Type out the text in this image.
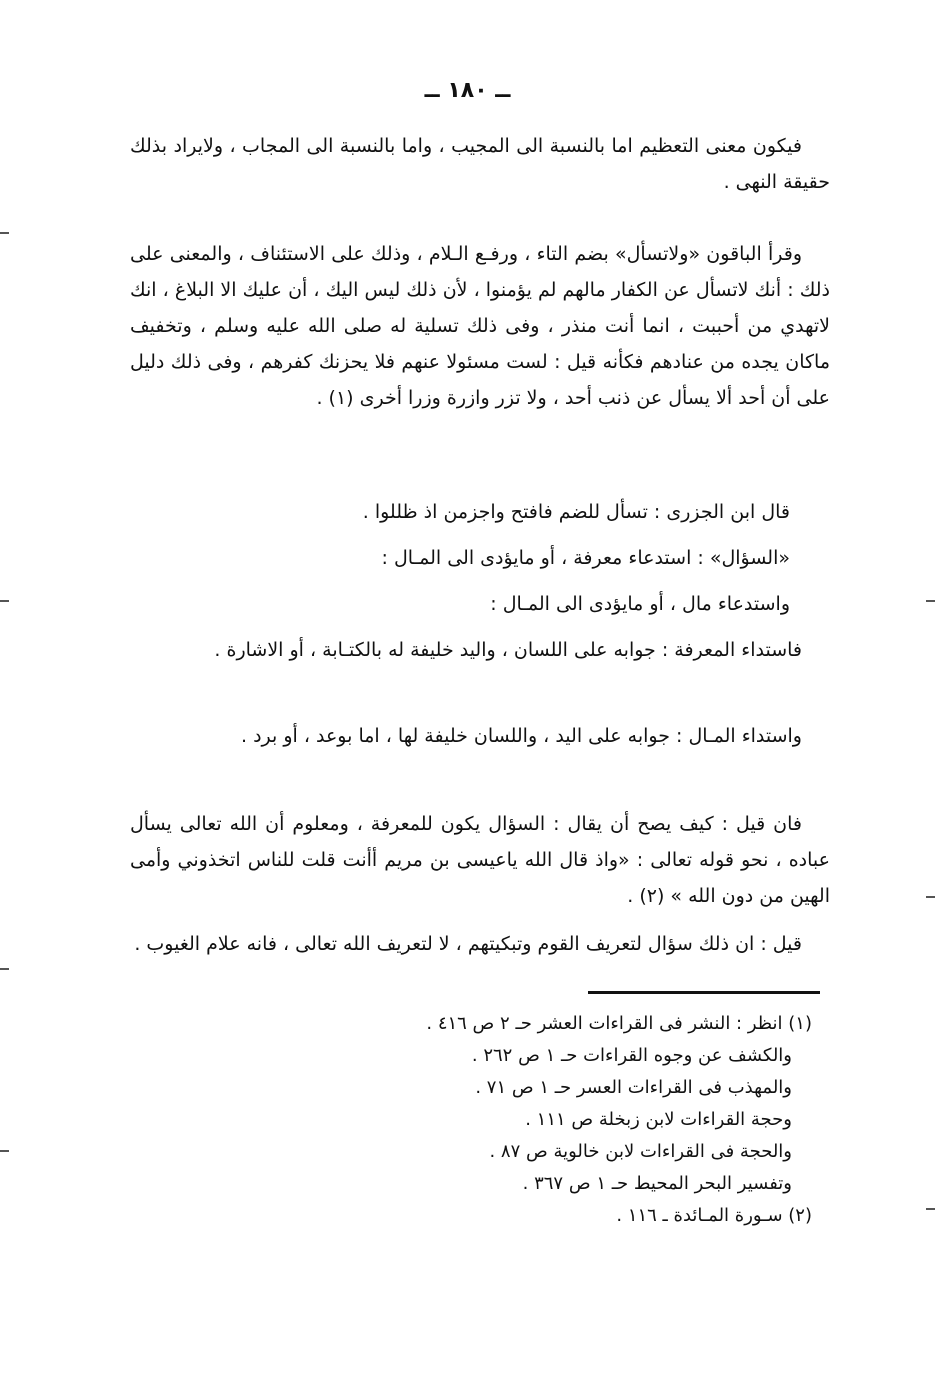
ــ ١٨٠ ــ

فيكون معنى التعظيم اما بالنسبة الى المجيب ، واما بالنسبة الى المجاب ، ولايراد بذلك حقيقة النهى .

وقرأ الباقون «ولاتسأل» بضم التاء ، ورفـع الـلام ، وذلك على الاستئناف ، والمعنى على ذلك : أنك لاتسأل عن الكفار مالهم لم يؤمنوا ، لأن ذلك ليس اليك ، أن عليك الا البلاغ ، انك لاتهدي من أحببت ، انما أنت منذر ، وفى ذلك تسلية له صلى الله عليه وسلم ، وتخفيف ماكان يجده من عنادهم فكأنه قيل : لست مسئولا عنهم فلا يحزنك كفرهم ، وفى ذلك دليل على أن أحد ألا يسأل عن ذنب أحد ، ولا تزر وازرة وزرا أخرى (١) .

قال ابن الجزرى : تسأل للضم فافتح واجزمن اذ ظللوا .

«السؤال» : استدعاء معرفة ، أو مايؤدى الى المـال :

واستدعاء مال ، أو مايؤدى الى المـال :

فاستداء المعرفة : جوابه على اللسان ، واليد خليفة له بالكتـابة ، أو الاشارة .

واستداء المـال : جوابه على اليد ، واللسان خليفة لها ، اما بوعد ، أو برد .

فان قيل : كيف يصح أن يقال : السؤال يكون للمعرفة ، ومعلوم أن الله تعالى يسأل عباده ، نحو قوله تعالى : «واذ قال الله ياعيسى بن مريم أأنت قلت للناس اتخذوني وأمى الهين من دون الله » (٢) .

قيل : ان ذلك سؤال لتعريف القوم وتبكيتهم ، لا لتعريف الله تعالى ، فانه علام الغيوب .

(١) انظر : النشر فى القراءات العشر حـ ٢ ص ٤١٦ .

والكشف عن وجوه القراءات حـ ١ ص ٢٦٢ .

والمهذب فى القراءات العسر حـ ١ ص ٧١ .

وحجة القراءات لابن زبخلة ص ١١١ .

والحجة فى القراءات لابن خالوية ص ٨٧ .

وتفسير البحر المحيط حـ ١ ص ٣٦٧ .

(٢) سـورة المـائدة ـ ١١٦ .
